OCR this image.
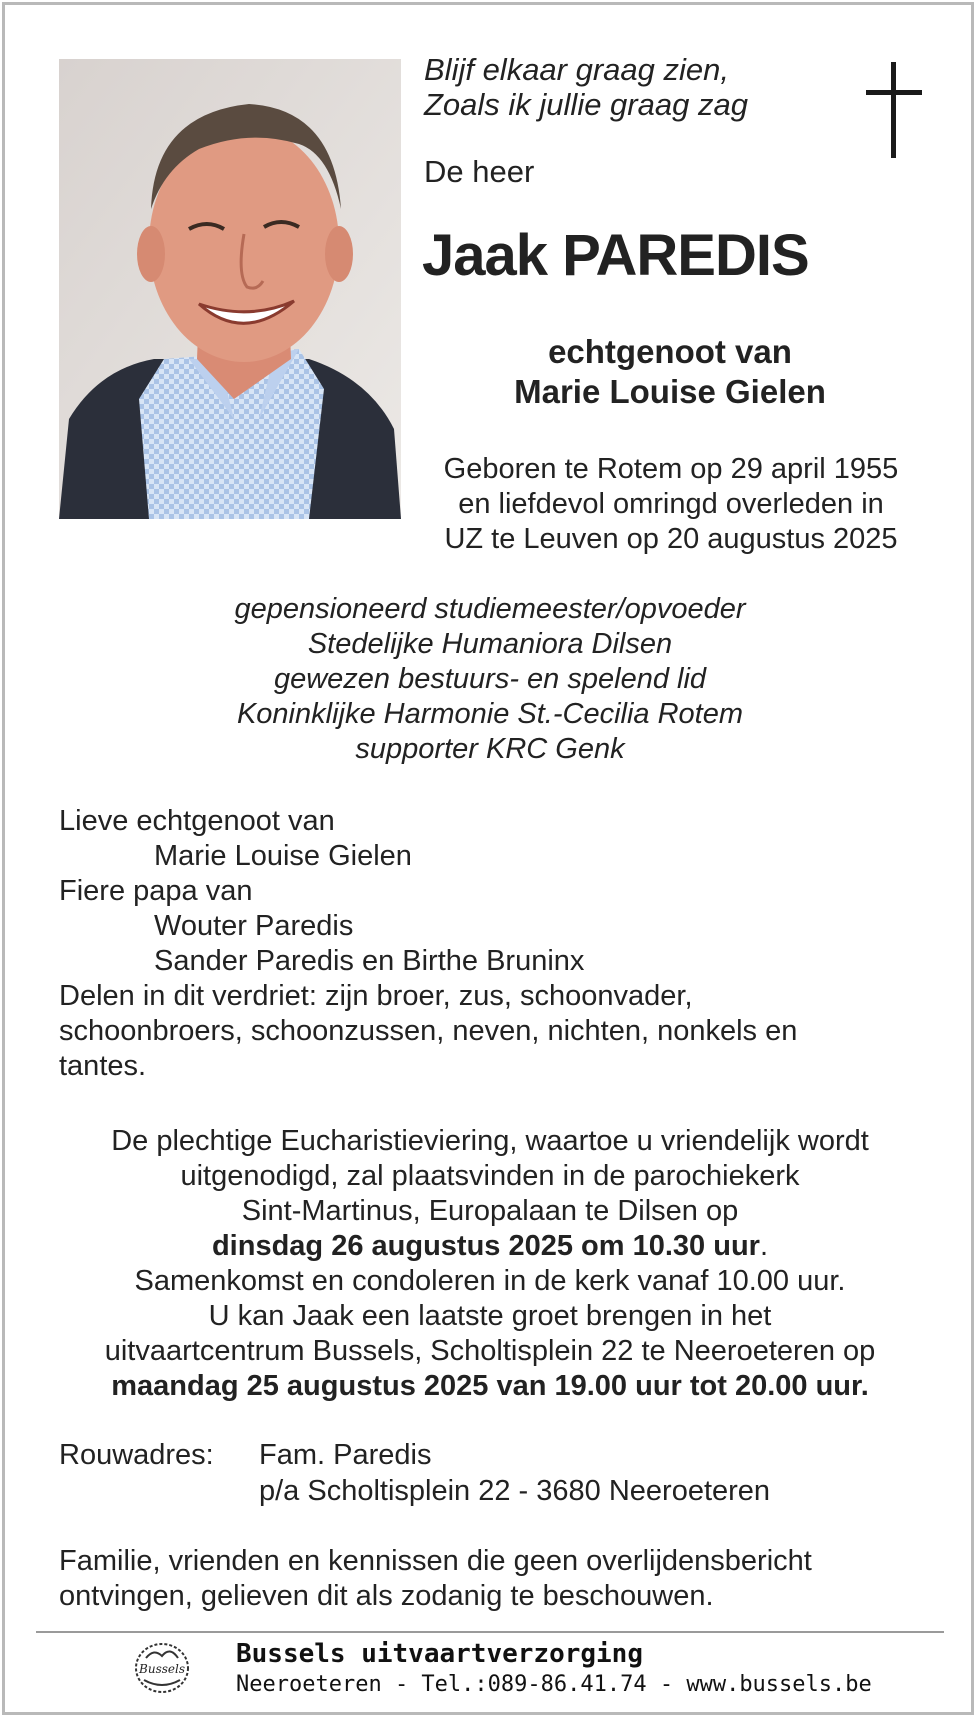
Blijf elkaar graag zien,
Zoals ik jullie graag zag
De heer
Jaak PAREDIS
echtgenoot van
Marie Louise Gielen
Geboren te Rotem op 29 april 1955
en liefdevol omringd overleden in
UZ te Leuven op 20 augustus 2025
gepensioneerd studiemeester/opvoeder
Stedelijke Humaniora Dilsen
gewezen bestuurs- en spelend lid
Koninklijke Harmonie St.-Cecilia Rotem
supporter KRC Genk
Lieve echtgenoot van
Marie Louise Gielen
Fiere papa van
Wouter Paredis
Sander Paredis en Birthe Bruninx
Delen in dit verdriet: zijn broer, zus, schoonvader,
schoonbroers, schoonzussen, neven, nichten, nonkels en
tantes.
De plechtige Eucharistieviering, waartoe u vriendelijk wordt
uitgenodigd, zal plaatsvinden in de parochiekerk
Sint-Martinus, Europalaan te Dilsen op
dinsdag 26 augustus 2025 om 10.30 uur.
Samenkomst en condoleren in de kerk vanaf 10.00 uur.
U kan Jaak een laatste groet brengen in het
uitvaartcentrum Bussels, Scholtisplein 22 te Neeroeteren op
maandag 25 augustus 2025 van 19.00 uur tot 20.00 uur.
Rouwadres:	Fam. Paredis
p/a Scholtisplein 22 - 3680 Neeroeteren
Familie, vrienden en kennissen die geen overlijdensbericht
ontvingen, gelieven dit als zodanig te beschouwen.
Bussels Bussels uitvaartverzorging
Neeroeteren - Tel.:089-86.41.74 - www.bussels.be
